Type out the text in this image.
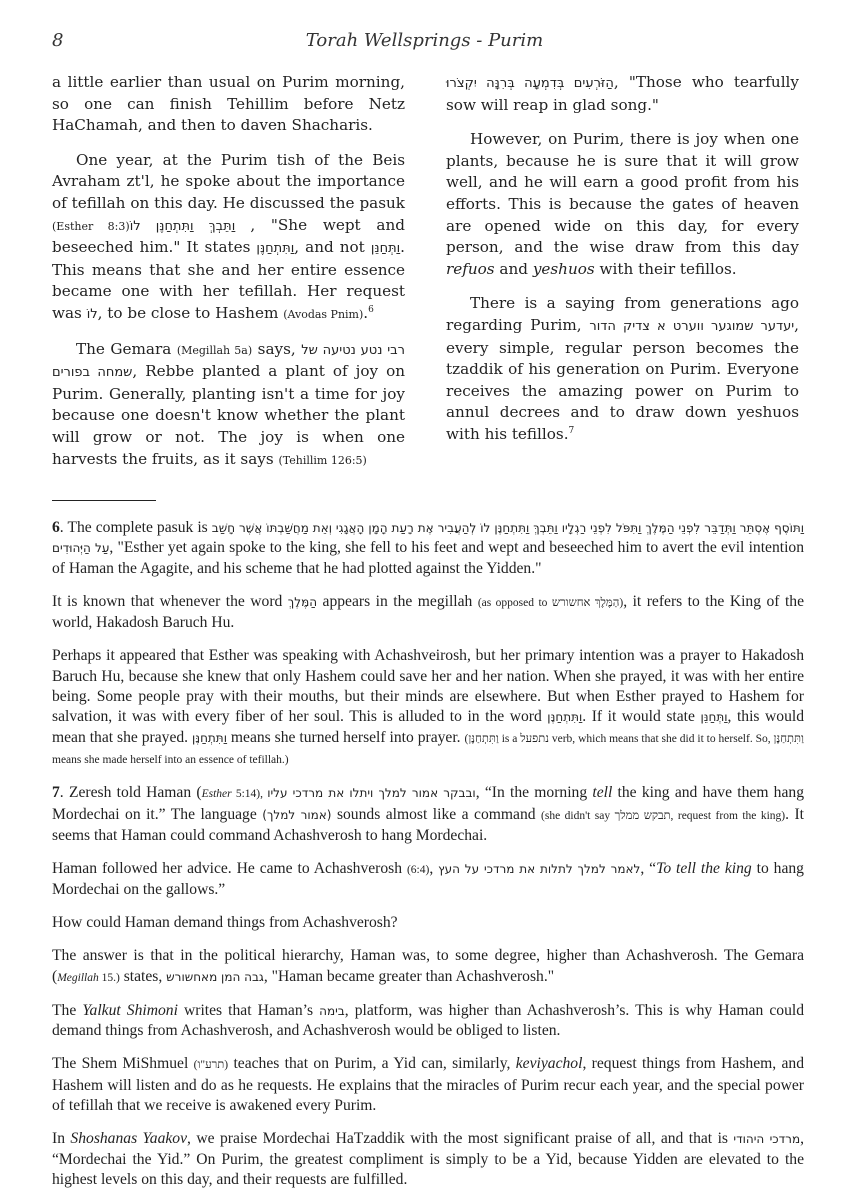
8	Torah Wellsprings - Purim

a little earlier than usual on Purim morning, so one can finish Tehillim before Netz HaChamah, and then to daven Shacharis.

One year, at the Purim tish of the Beis Avraham zt'l, he spoke about the importance of tefillah on this day. He discussed the pasuk (Esther 8:3) וַתֵּבְךְּ וַתִּתְחַנֶּן לוֹ, "She wept and beseeched him." It states וַתִּתְחַנֶּן, and not וַתְּחַנֵּן. This means that she and her entire essence became one with her tefillah. Her request was לוֹ, to be close to Hashem (Avodas Pnim).$^6$

The Gemara (Megillah 5a) says, רבי נטע נטיעה של שמחה בפורים, Rebbe planted a plant of joy on Purim. Generally, planting isn't a time for joy because one doesn't know whether the plant will grow or not. The joy is when one harvests the fruits, as it says (Tehillim 126:5)

הַזֹּרְעִים בְּדִמְעָה בְּרִנָּה יִקְצֹרוּ, "Those who tearfully sow will reap in glad song."

However, on Purim, there is joy when one plants, because he is sure that it will grow well, and he will earn a good profit from his efforts. This is because the gates of heaven are opened wide on this day, for every person, and the wise draw from this day refuos and yeshuos with their tefillos.

There is a saying from generations ago regarding Purim, יעדער שמוגער ווערט א צדיק הדור, every simple, regular person becomes the tzaddik of his generation on Purim. Everyone receives the amazing power on Purim to annul decrees and to draw down yeshuos with his tefillos.$^7$

6. The complete pasuk is וַתּוֹסֶף אֶסְתֵּר וַתְּדַבֵּר לִפְנֵי הַמֶּלֶךְ וַתִּפֹּל לִפְנֵי רַגְלָיו וַתֵּבְךְּ וַתִּתְחַנֶּן לוֹ לְהַעֲבִיר אֶת רָעַת הָמָן הָאֲגָגִי וְאֵת מַחֲשַׁבְתּוֹ אֲשֶׁר חָשַׁב עַל הַיְּהוּדִים, "Esther yet again spoke to the king, she fell to his feet and wept and beseeched him to avert the evil intention of Haman the Agagite, and his scheme that he had plotted against the Yidden."

It is known that whenever the word הַמֶּלֶךְ appears in the megillah (as opposed to הַמֶּלֶךְ אחשורש), it refers to the King of the world, Hakadosh Baruch Hu.

Perhaps it appeared that Esther was speaking with Achashveirosh, but her primary intention was a prayer to Hakadosh Baruch Hu, because she knew that only Hashem could save her and her nation. When she prayed, it was with her entire being. Some people pray with their mouths, but their minds are elsewhere. But when Esther prayed to Hashem for salvation, it was with every fiber of her soul. This is alluded to in the word וַתִּתְחַנֶּן. If it would state וַתְּחַנֵּן, this would mean that she prayed. וַתִּתְחַנֶּן means she turned herself into prayer. (וַתִּתְחַנֶּן is a נתפעל verb, which means that she did it to herself. So, וַתִּתְחַנֶּן means she made herself into an essence of tefillah.)

7. Zeresh told Haman (Esther 5:14), ובבקר אמור למלך ויתלו את מרדכי עליו, “In the morning tell the king and have them hang Mordechai on it.” The language (אמור למלך) sounds almost like a command (she didn't say תבקש ממלך, request from the king). It seems that Haman could command Achashverosh to hang Mordechai.

Haman followed her advice. He came to Achashverosh (6:4), לאמר למלך לתלות את מרדכי על העץ, “To tell the king to hang Mordechai on the gallows.”

How could Haman demand things from Achashverosh?

The answer is that in the political hierarchy, Haman was, to some degree, higher than Achashverosh. The Gemara (Megillah 15.) states, גבה המן מאחשורש, "Haman became greater than Achashverosh."

The Yalkut Shimoni writes that Haman’s בימה, platform, was higher than Achashverosh’s. This is why Haman could demand things from Achashverosh, and Achashverosh would be obliged to listen.

The Shem MiShmuel (תרע"ו) teaches that on Purim, a Yid can, similarly, keviyachol, request things from Hashem, and Hashem will listen and do as he requests. He explains that the miracles of Purim recur each year, and the special power of tefillah that we receive is awakened every Purim.

In Shoshanas Yaakov, we praise Mordechai HaTzaddik with the most significant praise of all, and that is מרדכי היהודי, “Mordechai the Yid.” On Purim, the greatest compliment is simply to be a Yid, because Yidden are elevated to the highest levels on this day, and their requests are fulfilled.
